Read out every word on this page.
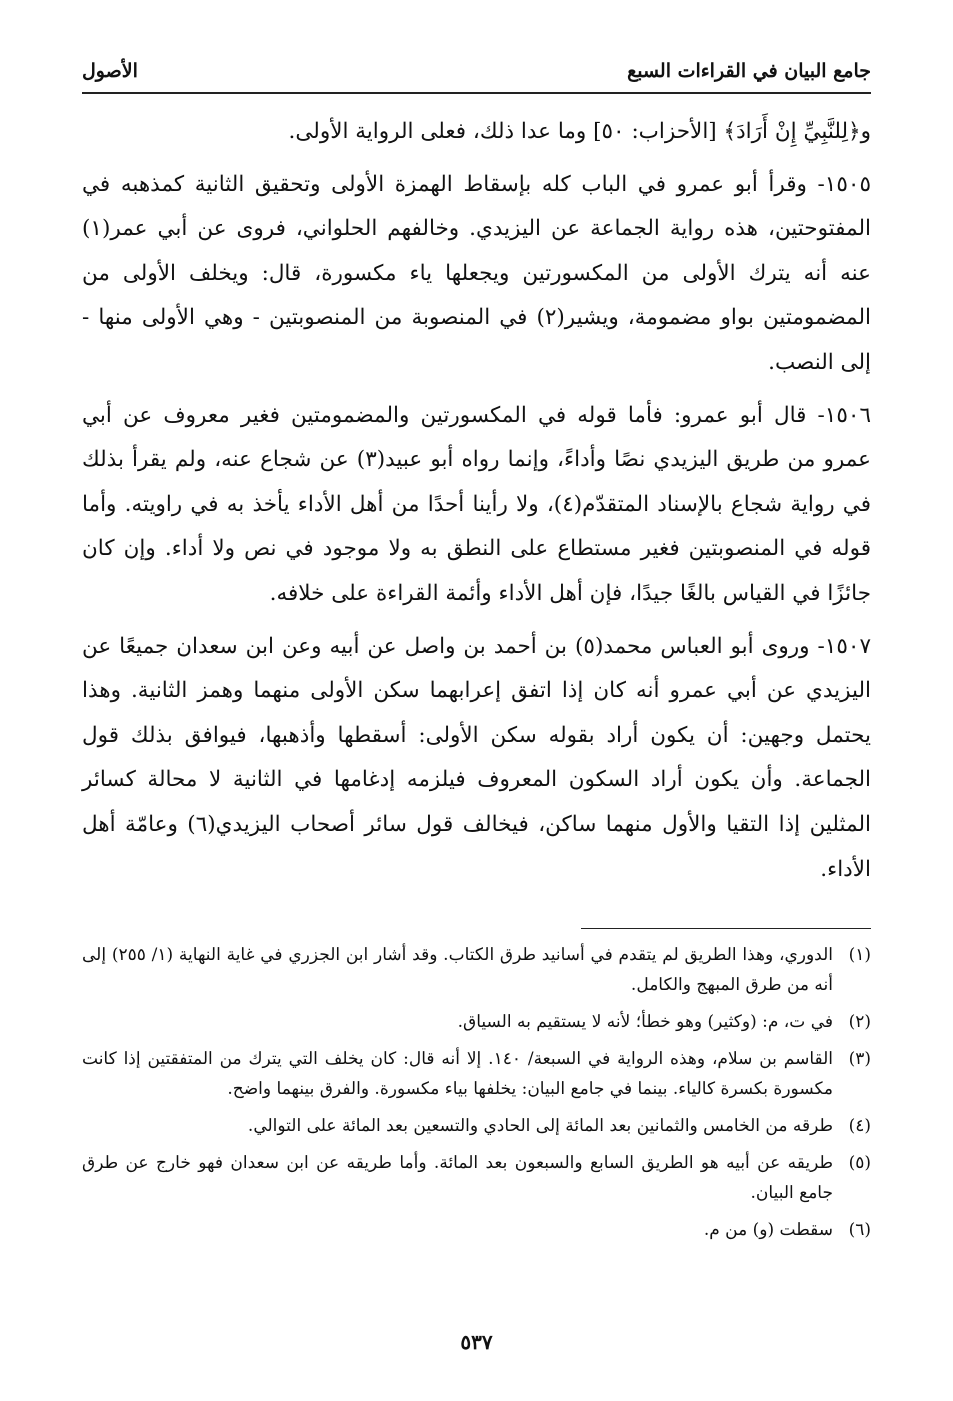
جامع البيان في القراءات السبع
الأصول

و﴿لِلنَّبِيِّ إِنْ أَرَادَ﴾ [الأحزاب: ٥٠] وما عدا ذلك، فعلى الرواية الأولى.

١٥٠٥- وقرأ أبو عمرو في الباب كله بإسقاط الهمزة الأولى وتحقيق الثانية كمذهبه في المفتوحتين، هذه رواية الجماعة عن اليزيدي. وخالفهم الحلواني، فروى عن أبي عمر(١) عنه أنه يترك الأولى من المكسورتين ويجعلها ياء مكسورة، قال: ويخلف الأولى من المضمومتين بواو مضمومة، ويشير(٢) في المنصوبة من المنصوبتين - وهي الأولى منها - إلى النصب.

١٥٠٦- قال أبو عمرو: فأما قوله في المكسورتين والمضمومتين فغير معروف عن أبي عمرو من طريق اليزيدي نصًا وأداءً، وإنما رواه أبو عبيد(٣) عن شجاع عنه، ولم يقرأ بذلك في رواية شجاع بالإسناد المتقدّم(٤)، ولا رأينا أحدًا من أهل الأداء يأخذ به في راويته. وأما قوله في المنصوبتين فغير مستطاع على النطق به ولا موجود في نص ولا أداء. وإن كان جائزًا في القياس بالغًا جيدًا، فإن أهل الأداء وأئمة القراءة على خلافه.

١٥٠٧- وروى أبو العباس محمد(٥) بن أحمد بن واصل عن أبيه وعن ابن سعدان جميعًا عن اليزيدي عن أبي عمرو أنه كان إذا اتفق إعرابهما سكن الأولى منهما وهمز الثانية. وهذا يحتمل وجهين: أن يكون أراد بقوله سكن الأولى: أسقطها وأذهبها، فيوافق بذلك قول الجماعة. وأن يكون أراد السكون المعروف فيلزمه إدغامها في الثانية لا محالة كسائر المثلين إذا التقيا والأول منهما ساكن، فيخالف قول سائر أصحاب اليزيدي(٦) وعامّة أهل الأداء.

(١)
الدوري، وهذا الطريق لم يتقدم في أسانيد طرق الكتاب. وقد أشار ابن الجزري في غاية النهاية (١/ ٢٥٥) إلى أنه من طرق المبهج والكامل.
(٢)
في ت، م: (وكثير) وهو خطأ؛ لأنه لا يستقيم به السياق.
(٣)
القاسم بن سلام، وهذه الرواية في السبعة/ ١٤٠. إلا أنه قال: كان يخلف التي يترك من المتفقتين إذا كانت مكسورة بكسرة كالياء. بينما في جامع البيان: يخلفها بياء مكسورة. والفرق بينهما واضح.
(٤)
طرقه من الخامس والثمانين بعد المائة إلى الحادي والتسعين بعد المائة على التوالي.
(٥)
طريقه عن أبيه هو الطريق السابع والسبعون بعد المائة. وأما طريقه عن ابن سعدان فهو خارج عن طرق جامع البيان.
(٦)
سقطت (و) من م.
٥٣٧
